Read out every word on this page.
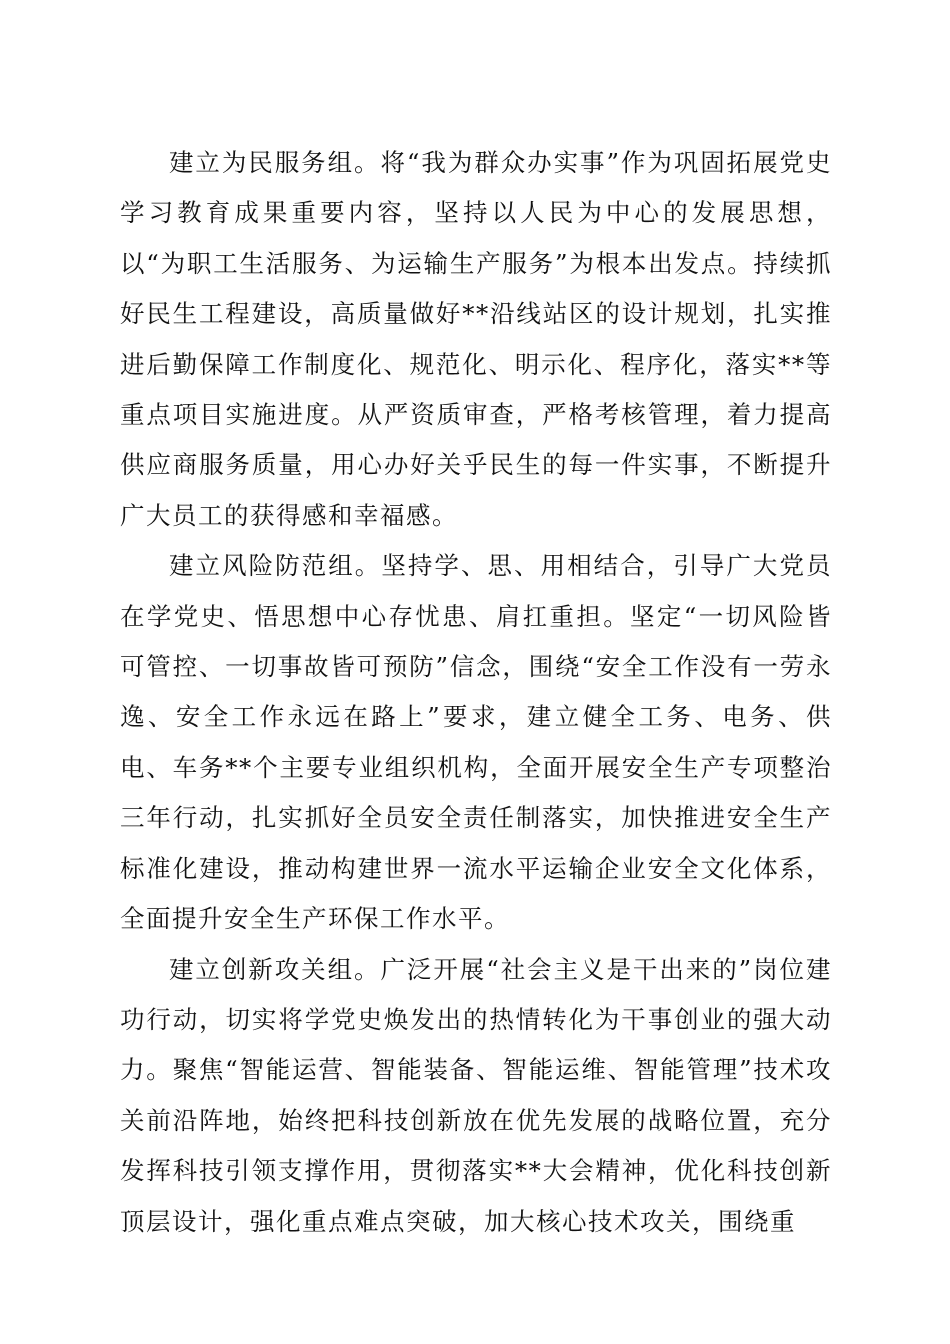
建立为民服务组。将“我为群众办实事”作为巩固拓展党史学习教育成果重要内容，坚持以人民为中心的发展思想，以“为职工生活服务、为运输生产服务”为根本出发点。持续抓好民生工程建设，高质量做好**沿线站区的设计规划，扎实推进后勤保障工作制度化、规范化、明示化、程序化，落实**等重点项目实施进度。从严资质审查，严格考核管理，着力提高供应商服务质量，用心办好关乎民生的每一件实事，不断提升广大员工的获得感和幸福感。

建立风险防范组。坚持学、思、用相结合，引导广大党员在学党史、悟思想中心存忧患、肩扛重担。坚定“一切风险皆可管控、一切事故皆可预防”信念，围绕“安全工作没有一劳永逸、安全工作永远在路上”要求，建立健全工务、电务、供电、车务**个主要专业组织机构，全面开展安全生产专项整治三年行动，扎实抓好全员安全责任制落实，加快推进安全生产标准化建设，推动构建世界一流水平运输企业安全文化体系，全面提升安全生产环保工作水平。

建立创新攻关组。广泛开展“社会主义是干出来的”岗位建功行动，切实将学党史焕发出的热情转化为干事创业的强大动力。聚焦“智能运营、智能装备、智能运维、智能管理”技术攻关前沿阵地，始终把科技创新放在优先发展的战略位置，充分发挥科技引领支撑作用，贯彻落实**大会精神，优化科技创新顶层设计，强化重点难点突破，加大核心技术攻关，围绕重
